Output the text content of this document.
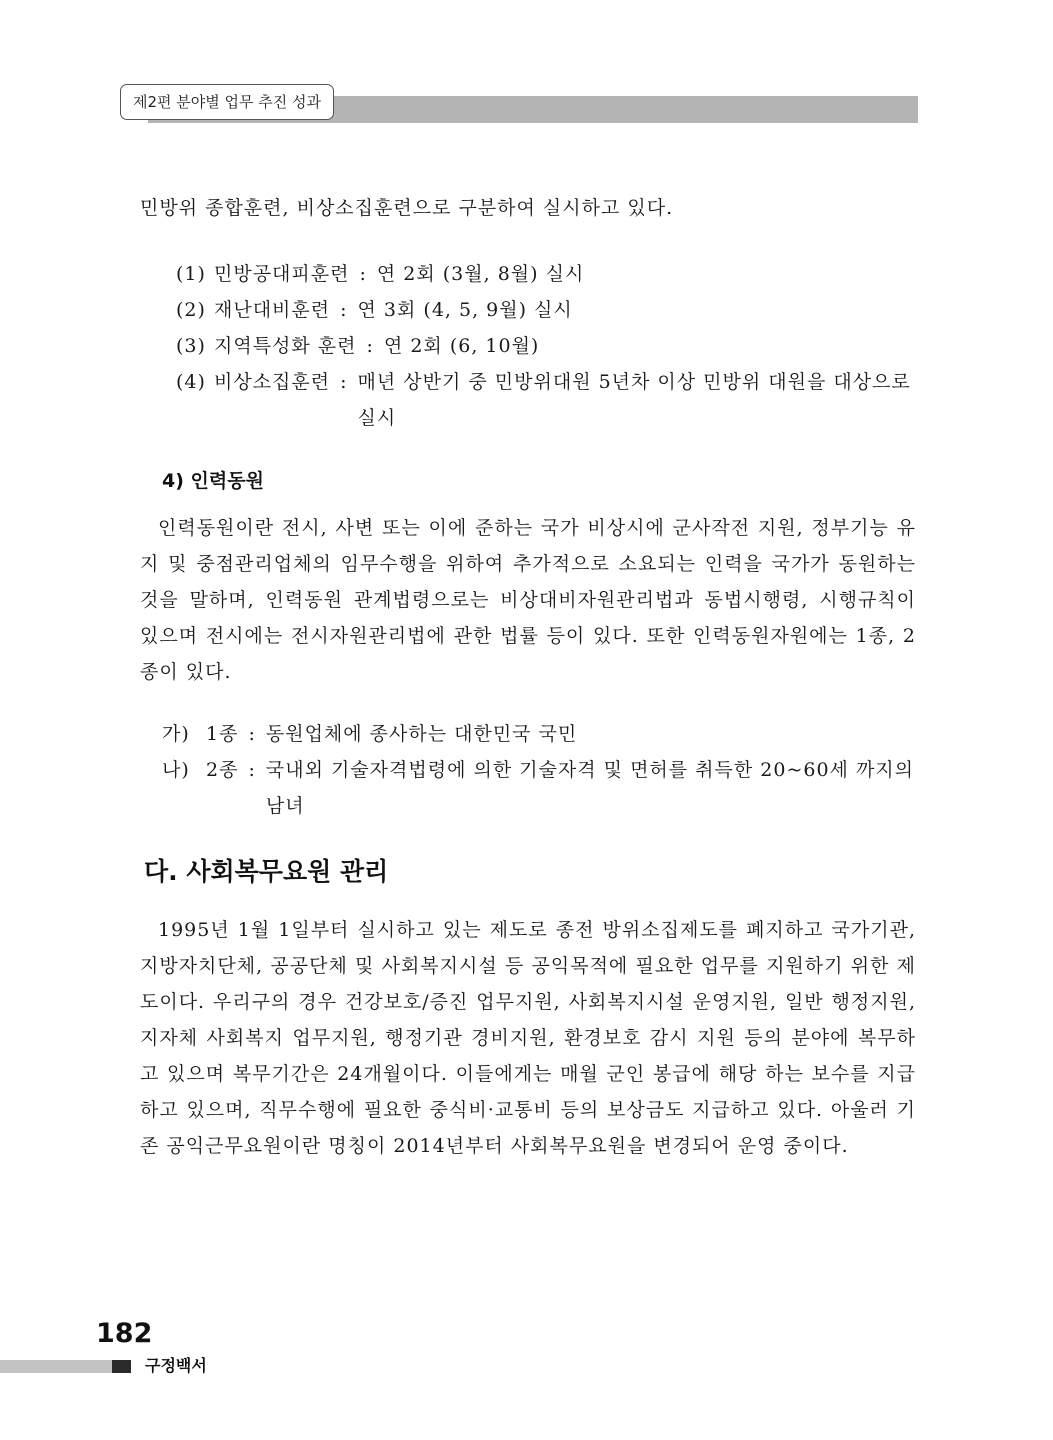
제2편 분야별 업무 추진 성과

민방위 종합훈련, 비상소집훈련으로 구분하여 실시하고 있다.

(1) 민방공대피훈련 : 연 2회 (3월, 8월) 실시
(2) 재난대비훈련 : 연 3회 (4, 5, 9월) 실시
(3) 지역특성화 훈련 : 연 2회 (6, 10월)
(4) 비상소집훈련 : 매년 상반기 중 민방위대원 5년차 이상 민방위 대원을 대상으로 실시
4) 인력동원

인력동원이란 전시, 사변 또는 이에 준하는 국가 비상시에 군사작전 지원, 정부기능 유지 및 중점관리업체의 임무수행을 위하여 추가적으로 소요되는 인력을 국가가 동원하는 것을 말하며, 인력동원 관계법령으로는 비상대비자원관리법과 동법시행령, 시행규칙이 있으며 전시에는 전시자원관리법에 관한 법률 등이 있다. 또한 인력동원자원에는 1종, 2종이 있다.

가) 1종 : 동원업체에 종사하는 대한민국 국민
나) 2종 : 국내외 기술자격법령에 의한 기술자격 및 면허를 취득한 20~60세 까지의 남녀
다. 사회복무요원 관리

1995년 1월 1일부터 실시하고 있는 제도로 종전 방위소집제도를 폐지하고 국가기관, 지방자치단체, 공공단체 및 사회복지시설 등 공익목적에 필요한 업무를 지원하기 위한 제도이다. 우리구의 경우 건강보호/증진 업무지원, 사회복지시설 운영지원, 일반 행정지원, 지자체 사회복지 업무지원, 행정기관 경비지원, 환경보호 감시 지원 등의 분야에 복무하고 있으며 복무기간은 24개월이다. 이들에게는 매월 군인 봉급에 해당 하는 보수를 지급하고 있으며, 직무수행에 필요한 중식비·교통비 등의 보상금도 지급하고 있다. 아울러 기존 공익근무요원이란 명칭이 2014년부터 사회복무요원을 변경되어 운영 중이다.

182
구정백서
